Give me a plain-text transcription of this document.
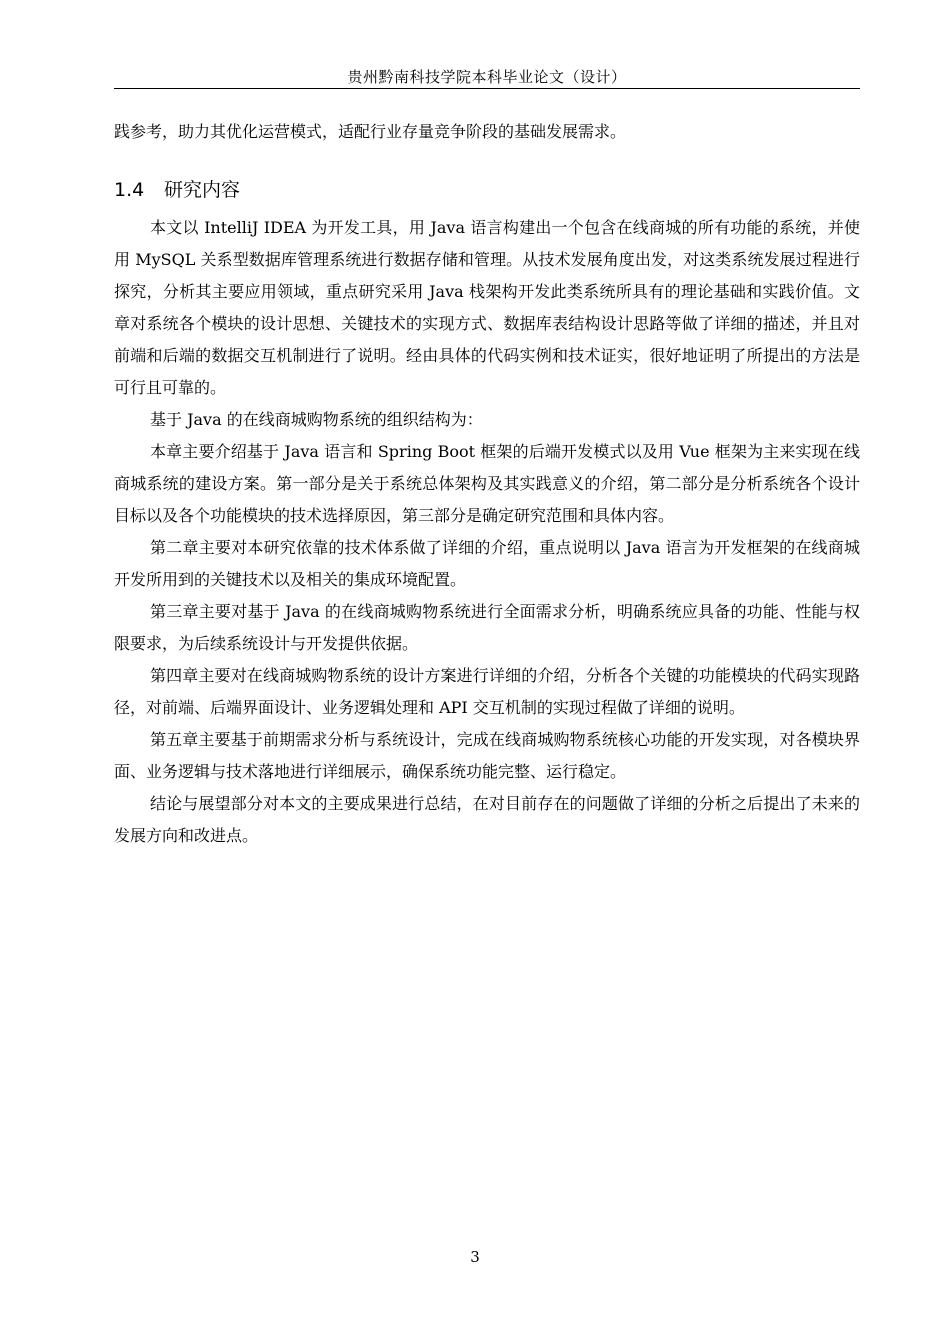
贵州黔南科技学院本科毕业论文（设计）

践参考，助力其优化运营模式，适配行业存量竞争阶段的基础发展需求。

1.4 研究内容

本文以 IntelliJ IDEA 为开发工具，用 Java 语言构建出一个包含在线商城的所有功能的系统，并使用 MySQL 关系型数据库管理系统进行数据存储和管理。从技术发展角度出发，对这类系统发展过程进行探究，分析其主要应用领域，重点研究采用 Java 栈架构开发此类系统所具有的理论基础和实践价值。文章对系统各个模块的设计思想、关键技术的实现方式、数据库表结构设计思路等做了详细的描述，并且对前端和后端的数据交互机制进行了说明。经由具体的代码实例和技术证实，很好地证明了所提出的方法是可行且可靠的。

基于 Java 的在线商城购物系统的组织结构为：

本章主要介绍基于 Java 语言和 Spring Boot 框架的后端开发模式以及用 Vue 框架为主来实现在线商城系统的建设方案。第一部分是关于系统总体架构及其实践意义的介绍，第二部分是分析系统各个设计目标以及各个功能模块的技术选择原因，第三部分是确定研究范围和具体内容。

第二章主要对本研究依靠的技术体系做了详细的介绍，重点说明以 Java 语言为开发框架的在线商城开发所用到的关键技术以及相关的集成环境配置。

第三章主要对基于 Java 的在线商城购物系统进行全面需求分析，明确系统应具备的功能、性能与权限要求，为后续系统设计与开发提供依据。

第四章主要对在线商城购物系统的设计方案进行详细的介绍，分析各个关键的功能模块的代码实现路径，对前端、后端界面设计、业务逻辑处理和 API 交互机制的实现过程做了详细的说明。

第五章主要基于前期需求分析与系统设计，完成在线商城购物系统核心功能的开发实现，对各模块界面、业务逻辑与技术落地进行详细展示，确保系统功能完整、运行稳定。

结论与展望部分对本文的主要成果进行总结，在对目前存在的问题做了详细的分析之后提出了未来的发展方向和改进点。

3
